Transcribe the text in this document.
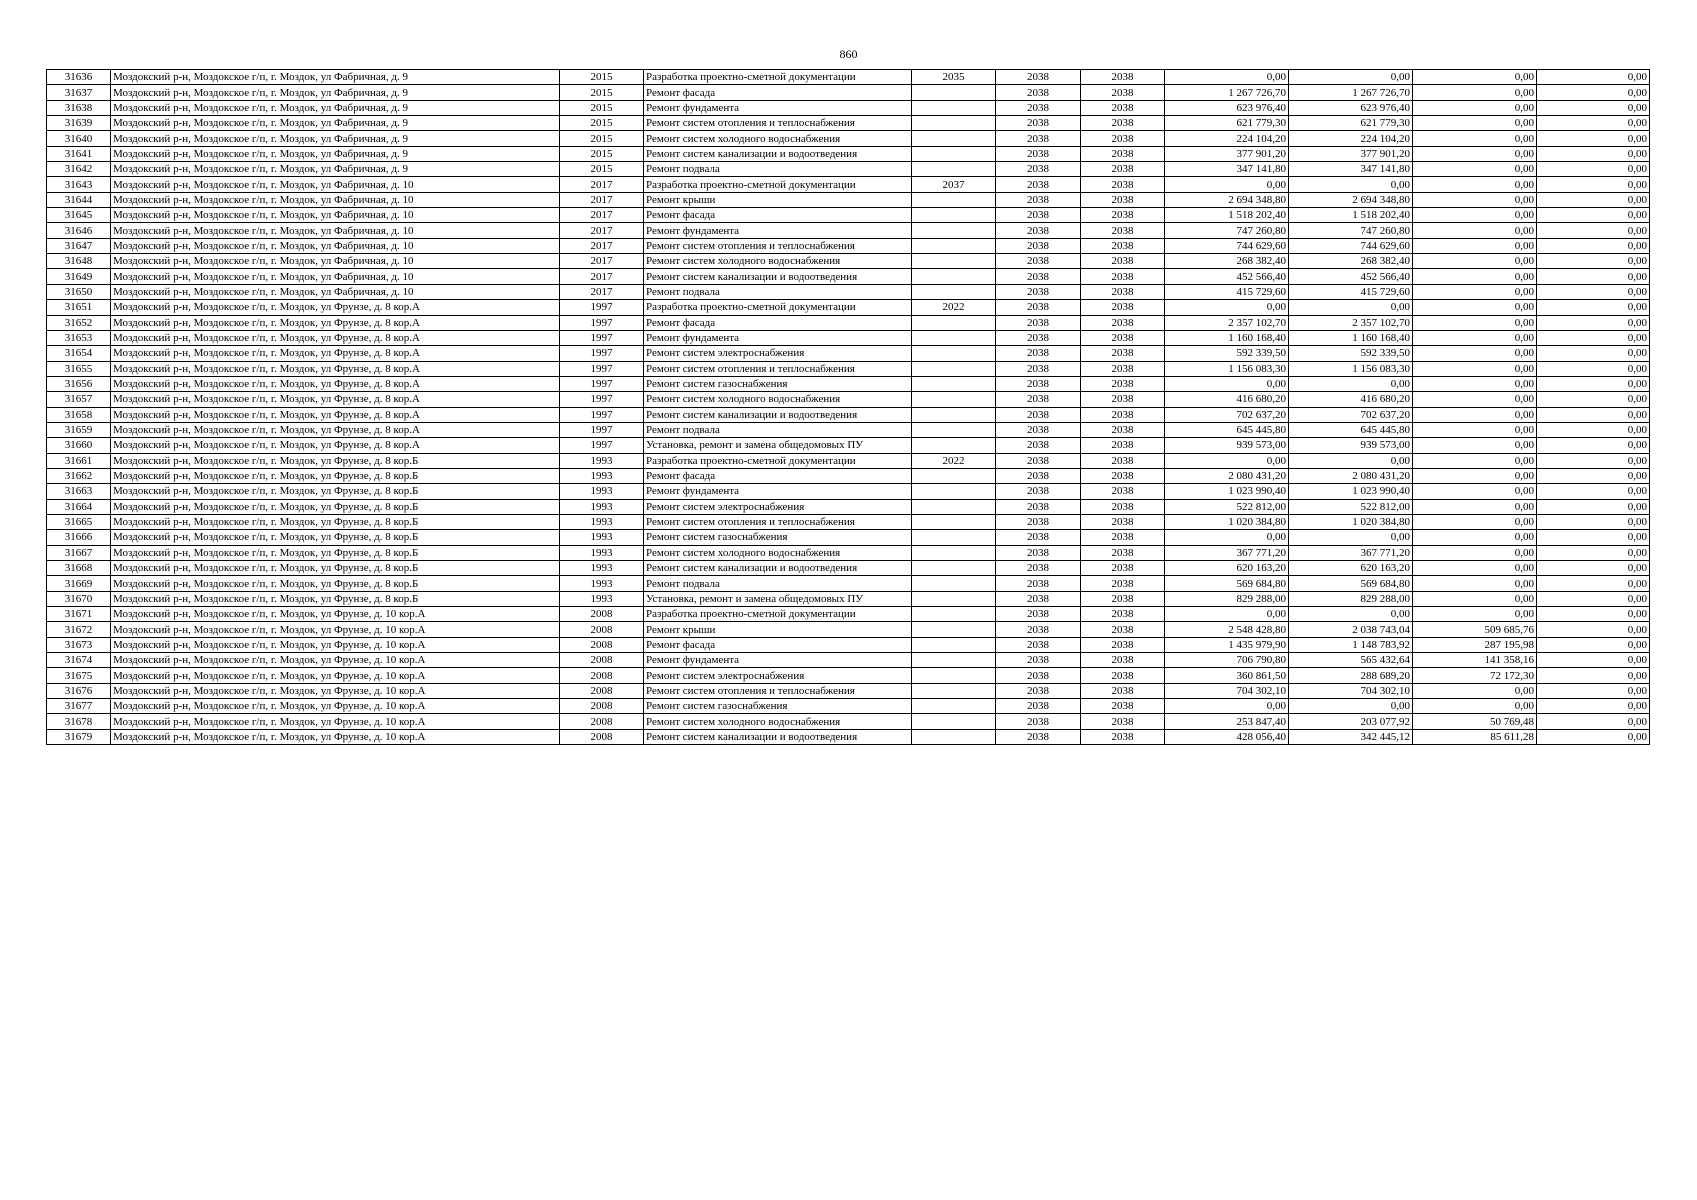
860
31636	Моздокский р-н, Моздокское г/п, г. Моздок, ул Фабричная, д. 9	2015	Разработка проектно-сметной документации	2035	2038	2038	0,00	0,00	0,00	0,00
31637	Моздокский р-н, Моздокское г/п, г. Моздок, ул Фабричная, д. 9	2015	Ремонт фасада		2038	2038	1 267 726,70	1 267 726,70	0,00	0,00
31638	Моздокский р-н, Моздокское г/п, г. Моздок, ул Фабричная, д. 9	2015	Ремонт фундамента		2038	2038	623 976,40	623 976,40	0,00	0,00
31639	Моздокский р-н, Моздокское г/п, г. Моздок, ул Фабричная, д. 9	2015	Ремонт систем отопления и теплоснабжения		2038	2038	621 779,30	621 779,30	0,00	0,00
31640	Моздокский р-н, Моздокское г/п, г. Моздок, ул Фабричная, д. 9	2015	Ремонт систем холодного водоснабжения		2038	2038	224 104,20	224 104,20	0,00	0,00
31641	Моздокский р-н, Моздокское г/п, г. Моздок, ул Фабричная, д. 9	2015	Ремонт систем канализации и водоотведения		2038	2038	377 901,20	377 901,20	0,00	0,00
31642	Моздокский р-н, Моздокское г/п, г. Моздок, ул Фабричная, д. 9	2015	Ремонт подвала		2038	2038	347 141,80	347 141,80	0,00	0,00
31643	Моздокский р-н, Моздокское г/п, г. Моздок, ул Фабричная, д. 10	2017	Разработка проектно-сметной документации	2037	2038	2038	0,00	0,00	0,00	0,00
31644	Моздокский р-н, Моздокское г/п, г. Моздок, ул Фабричная, д. 10	2017	Ремонт крыши		2038	2038	2 694 348,80	2 694 348,80	0,00	0,00
31645	Моздокский р-н, Моздокское г/п, г. Моздок, ул Фабричная, д. 10	2017	Ремонт фасада		2038	2038	1 518 202,40	1 518 202,40	0,00	0,00
31646	Моздокский р-н, Моздокское г/п, г. Моздок, ул Фабричная, д. 10	2017	Ремонт фундамента		2038	2038	747 260,80	747 260,80	0,00	0,00
31647	Моздокский р-н, Моздокское г/п, г. Моздок, ул Фабричная, д. 10	2017	Ремонт систем отопления и теплоснабжения		2038	2038	744 629,60	744 629,60	0,00	0,00
31648	Моздокский р-н, Моздокское г/п, г. Моздок, ул Фабричная, д. 10	2017	Ремонт систем холодного водоснабжения		2038	2038	268 382,40	268 382,40	0,00	0,00
31649	Моздокский р-н, Моздокское г/п, г. Моздок, ул Фабричная, д. 10	2017	Ремонт систем канализации и водоотведения		2038	2038	452 566,40	452 566,40	0,00	0,00
31650	Моздокский р-н, Моздокское г/п, г. Моздок, ул Фабричная, д. 10	2017	Ремонт подвала		2038	2038	415 729,60	415 729,60	0,00	0,00
31651	Моздокский р-н, Моздокское г/п, г. Моздок, ул Фрунзе, д. 8 кор.А	1997	Разработка проектно-сметной документации	2022	2038	2038	0,00	0,00	0,00	0,00
31652	Моздокский р-н, Моздокское г/п, г. Моздок, ул Фрунзе, д. 8 кор.А	1997	Ремонт фасада		2038	2038	2 357 102,70	2 357 102,70	0,00	0,00
31653	Моздокский р-н, Моздокское г/п, г. Моздок, ул Фрунзе, д. 8 кор.А	1997	Ремонт фундамента		2038	2038	1 160 168,40	1 160 168,40	0,00	0,00
31654	Моздокский р-н, Моздокское г/п, г. Моздок, ул Фрунзе, д. 8 кор.А	1997	Ремонт систем электроснабжения		2038	2038	592 339,50	592 339,50	0,00	0,00
31655	Моздокский р-н, Моздокское г/п, г. Моздок, ул Фрунзе, д. 8 кор.А	1997	Ремонт систем отопления и теплоснабжения		2038	2038	1 156 083,30	1 156 083,30	0,00	0,00
31656	Моздокский р-н, Моздокское г/п, г. Моздок, ул Фрунзе, д. 8 кор.А	1997	Ремонт систем газоснабжения		2038	2038	0,00	0,00	0,00	0,00
31657	Моздокский р-н, Моздокское г/п, г. Моздок, ул Фрунзе, д. 8 кор.А	1997	Ремонт систем холодного водоснабжения		2038	2038	416 680,20	416 680,20	0,00	0,00
31658	Моздокский р-н, Моздокское г/п, г. Моздок, ул Фрунзе, д. 8 кор.А	1997	Ремонт систем канализации и водоотведения		2038	2038	702 637,20	702 637,20	0,00	0,00
31659	Моздокский р-н, Моздокское г/п, г. Моздок, ул Фрунзе, д. 8 кор.А	1997	Ремонт подвала		2038	2038	645 445,80	645 445,80	0,00	0,00
31660	Моздокский р-н, Моздокское г/п, г. Моздок, ул Фрунзе, д. 8 кор.А	1997	Установка, ремонт и замена общедомовых ПУ		2038	2038	939 573,00	939 573,00	0,00	0,00
31661	Моздокский р-н, Моздокское г/п, г. Моздок, ул Фрунзе, д. 8 кор.Б	1993	Разработка проектно-сметной документации	2022	2038	2038	0,00	0,00	0,00	0,00
31662	Моздокский р-н, Моздокское г/п, г. Моздок, ул Фрунзе, д. 8 кор.Б	1993	Ремонт фасада		2038	2038	2 080 431,20	2 080 431,20	0,00	0,00
31663	Моздокский р-н, Моздокское г/п, г. Моздок, ул Фрунзе, д. 8 кор.Б	1993	Ремонт фундамента		2038	2038	1 023 990,40	1 023 990,40	0,00	0,00
31664	Моздокский р-н, Моздокское г/п, г. Моздок, ул Фрунзе, д. 8 кор.Б	1993	Ремонт систем электроснабжения		2038	2038	522 812,00	522 812,00	0,00	0,00
31665	Моздокский р-н, Моздокское г/п, г. Моздок, ул Фрунзе, д. 8 кор.Б	1993	Ремонт систем отопления и теплоснабжения		2038	2038	1 020 384,80	1 020 384,80	0,00	0,00
31666	Моздокский р-н, Моздокское г/п, г. Моздок, ул Фрунзе, д. 8 кор.Б	1993	Ремонт систем газоснабжения		2038	2038	0,00	0,00	0,00	0,00
31667	Моздокский р-н, Моздокское г/п, г. Моздок, ул Фрунзе, д. 8 кор.Б	1993	Ремонт систем холодного водоснабжения		2038	2038	367 771,20	367 771,20	0,00	0,00
31668	Моздокский р-н, Моздокское г/п, г. Моздок, ул Фрунзе, д. 8 кор.Б	1993	Ремонт систем канализации и водоотведения		2038	2038	620 163,20	620 163,20	0,00	0,00
31669	Моздокский р-н, Моздокское г/п, г. Моздок, ул Фрунзе, д. 8 кор.Б	1993	Ремонт подвала		2038	2038	569 684,80	569 684,80	0,00	0,00
31670	Моздокский р-н, Моздокское г/п, г. Моздок, ул Фрунзе, д. 8 кор.Б	1993	Установка, ремонт и замена общедомовых ПУ		2038	2038	829 288,00	829 288,00	0,00	0,00
31671	Моздокский р-н, Моздокское г/п, г. Моздок, ул Фрунзе, д. 10 кор.А	2008	Разработка проектно-сметной документации		2038	2038	0,00	0,00	0,00	0,00
31672	Моздокский р-н, Моздокское г/п, г. Моздок, ул Фрунзе, д. 10 кор.А	2008	Ремонт крыши		2038	2038	2 548 428,80	2 038 743,04	509 685,76	0,00
31673	Моздокский р-н, Моздокское г/п, г. Моздок, ул Фрунзе, д. 10 кор.А	2008	Ремонт фасада		2038	2038	1 435 979,90	1 148 783,92	287 195,98	0,00
31674	Моздокский р-н, Моздокское г/п, г. Моздок, ул Фрунзе, д. 10 кор.А	2008	Ремонт фундамента		2038	2038	706 790,80	565 432,64	141 358,16	0,00
31675	Моздокский р-н, Моздокское г/п, г. Моздок, ул Фрунзе, д. 10 кор.А	2008	Ремонт систем электроснабжения		2038	2038	360 861,50	288 689,20	72 172,30	0,00
31676	Моздокский р-н, Моздокское г/п, г. Моздок, ул Фрунзе, д. 10 кор.А	2008	Ремонт систем отопления и теплоснабжения		2038	2038	704 302,10	704 302,10	0,00	0,00
31677	Моздокский р-н, Моздокское г/п, г. Моздок, ул Фрунзе, д. 10 кор.А	2008	Ремонт систем газоснабжения		2038	2038	0,00	0,00	0,00	0,00
31678	Моздокский р-н, Моздокское г/п, г. Моздок, ул Фрунзе, д. 10 кор.А	2008	Ремонт систем холодного водоснабжения		2038	2038	253 847,40	203 077,92	50 769,48	0,00
31679	Моздокский р-н, Моздокское г/п, г. Моздок, ул Фрунзе, д. 10 кор.А	2008	Ремонт систем канализации и водоотведения		2038	2038	428 056,40	342 445,12	85 611,28	0,00
